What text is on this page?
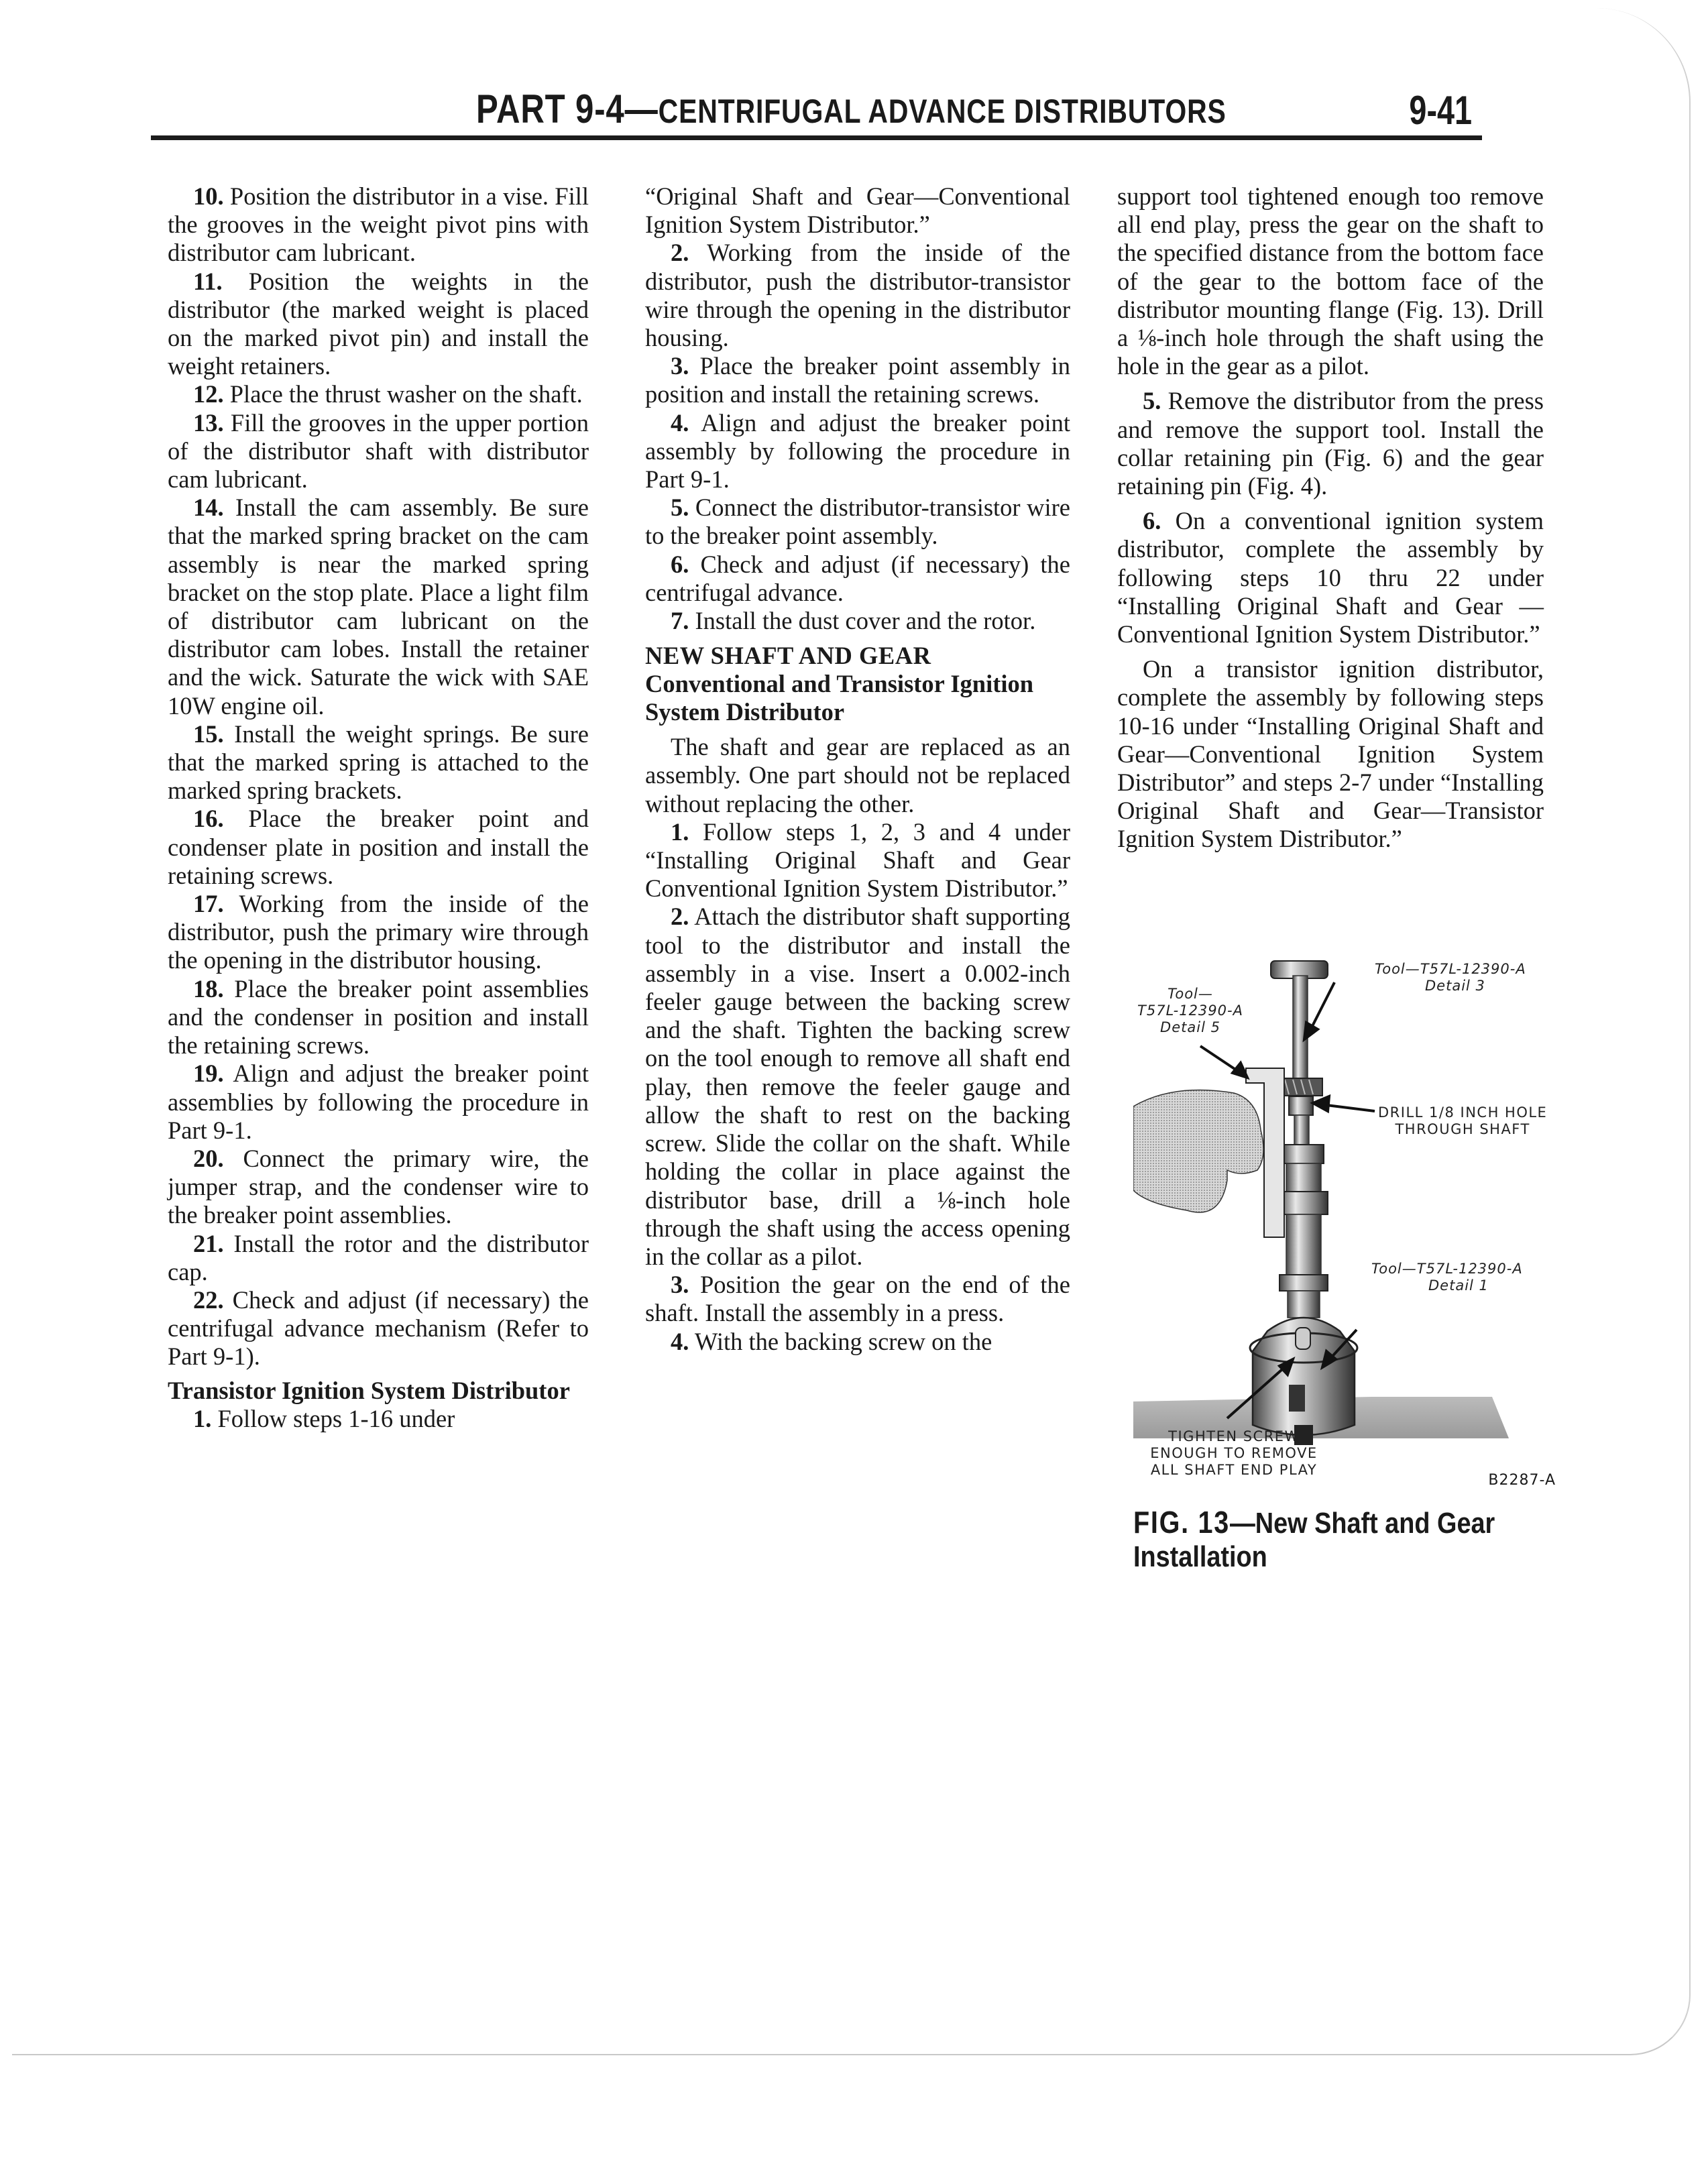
PART 9-4—CENTRIFUGAL ADVANCE DISTRIBUTORS	9-41

10. Position the distributor in a vise. Fill the grooves in the weight pivot pins with distributor cam lubricant.

11. Position the weights in the distributor (the marked weight is placed on the marked pivot pin) and install the weight retainers.

12. Place the thrust washer on the shaft.

13. Fill the grooves in the upper portion of the distributor shaft with distributor cam lubricant.

14. Install the cam assembly. Be sure that the marked spring bracket on the cam assembly is near the marked spring bracket on the stop plate. Place a light film of distributor cam lubricant on the distributor cam lobes. Install the retainer and the wick. Saturate the wick with SAE 10W engine oil.

15. Install the weight springs. Be sure that the marked spring is attached to the marked spring brackets.

16. Place the breaker point and condenser plate in position and install the retaining screws.

17. Working from the inside of the distributor, push the primary wire through the opening in the distributor housing.

18. Place the breaker point assemblies and the condenser in position and install the retaining screws.

19. Align and adjust the breaker point assemblies by following the procedure in Part 9-1.

20. Connect the primary wire, the jumper strap, and the condenser wire to the breaker point assemblies.

21. Install the rotor and the distributor cap.

22. Check and adjust (if necessary) the centrifugal advance mechanism (Refer to Part 9-1).

Transistor Ignition System Distributor

1. Follow steps 1-16 under

“Original Shaft and Gear—Conventional Ignition System Distributor.”

2. Working from the inside of the distributor, push the distributor-transistor wire through the opening in the distributor housing.

3. Place the breaker point assembly in position and install the retaining screws.

4. Align and adjust the breaker point assembly by following the procedure in Part 9-1.

5. Connect the distributor-transistor wire to the breaker point assembly.

6. Check and adjust (if necessary) the centrifugal advance.

7. Install the dust cover and the rotor.

NEW SHAFT AND GEAR

Conventional and Transistor Ignition System Distributor

The shaft and gear are replaced as an assembly. One part should not be replaced without replacing the other.

1. Follow steps 1, 2, 3 and 4 under “Installing Original Shaft and Gear Conventional Ignition System Distributor.”

2. Attach the distributor shaft supporting tool to the distributor and install the assembly in a vise. Insert a 0.002-inch feeler gauge between the backing screw and the shaft. Tighten the backing screw on the tool enough to remove all shaft end play, then remove the feeler gauge and allow the shaft to rest on the backing screw. Slide the collar on the shaft. While holding the collar in place against the distributor base, drill a ⅛-inch hole through the shaft using the access opening in the collar as a pilot.

3. Position the gear on the end of the shaft. Install the assembly in a press.

4. With the backing screw on the

support tool tightened enough too remove all end play, press the gear on the shaft to the specified distance from the bottom face of the gear to the bottom face of the distributor mounting flange (Fig. 13). Drill a ⅛-inch hole through the shaft using the hole in the gear as a pilot.

5. Remove the distributor from the press and remove the support tool. Install the collar retaining pin (Fig. 6) and the gear retaining pin (Fig. 4).

6. On a conventional ignition system distributor, complete the assembly by following steps 10 thru 22 under “Installing Original Shaft and Gear — Conventional Ignition System Distributor.”

On a transistor ignition distributor, complete the assembly by following steps 10-16 under “Installing Original Shaft and Gear—Conventional Ignition System Distributor” and steps 2-7 under “Installing Original Shaft and Gear—Transistor Ignition System Distributor.”

Tool—T57L-12390-A
Detail 3
Tool—
T57L-12390-A
Detail 5
DRILL 1/8 INCH HOLE
THROUGH SHAFT
Tool—T57L-12390-A
Detail 1
TIGHTEN SCREW
ENOUGH TO REMOVE
ALL SHAFT END PLAY
B2287-A
FIG. 13—New Shaft and Gear Installation
